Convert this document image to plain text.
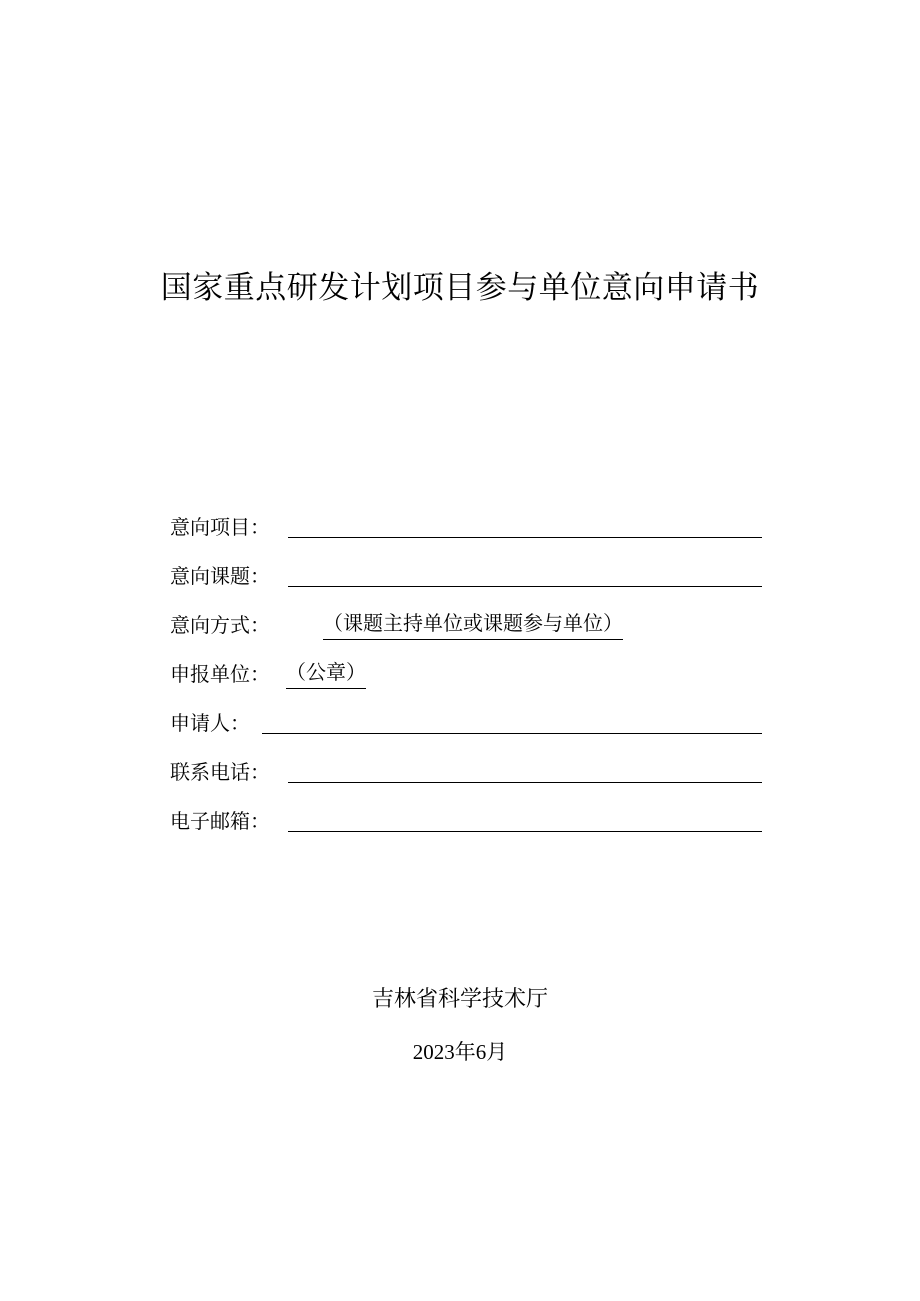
国家重点研发计划项目参与单位意向申请书
意向项目：
意向课题：
意向方式：	（课题主持单位或课题参与单位）
申报单位： （公章）
申请人：
联系电话：
电子邮箱：
吉林省科学技术厅
2023年6月
